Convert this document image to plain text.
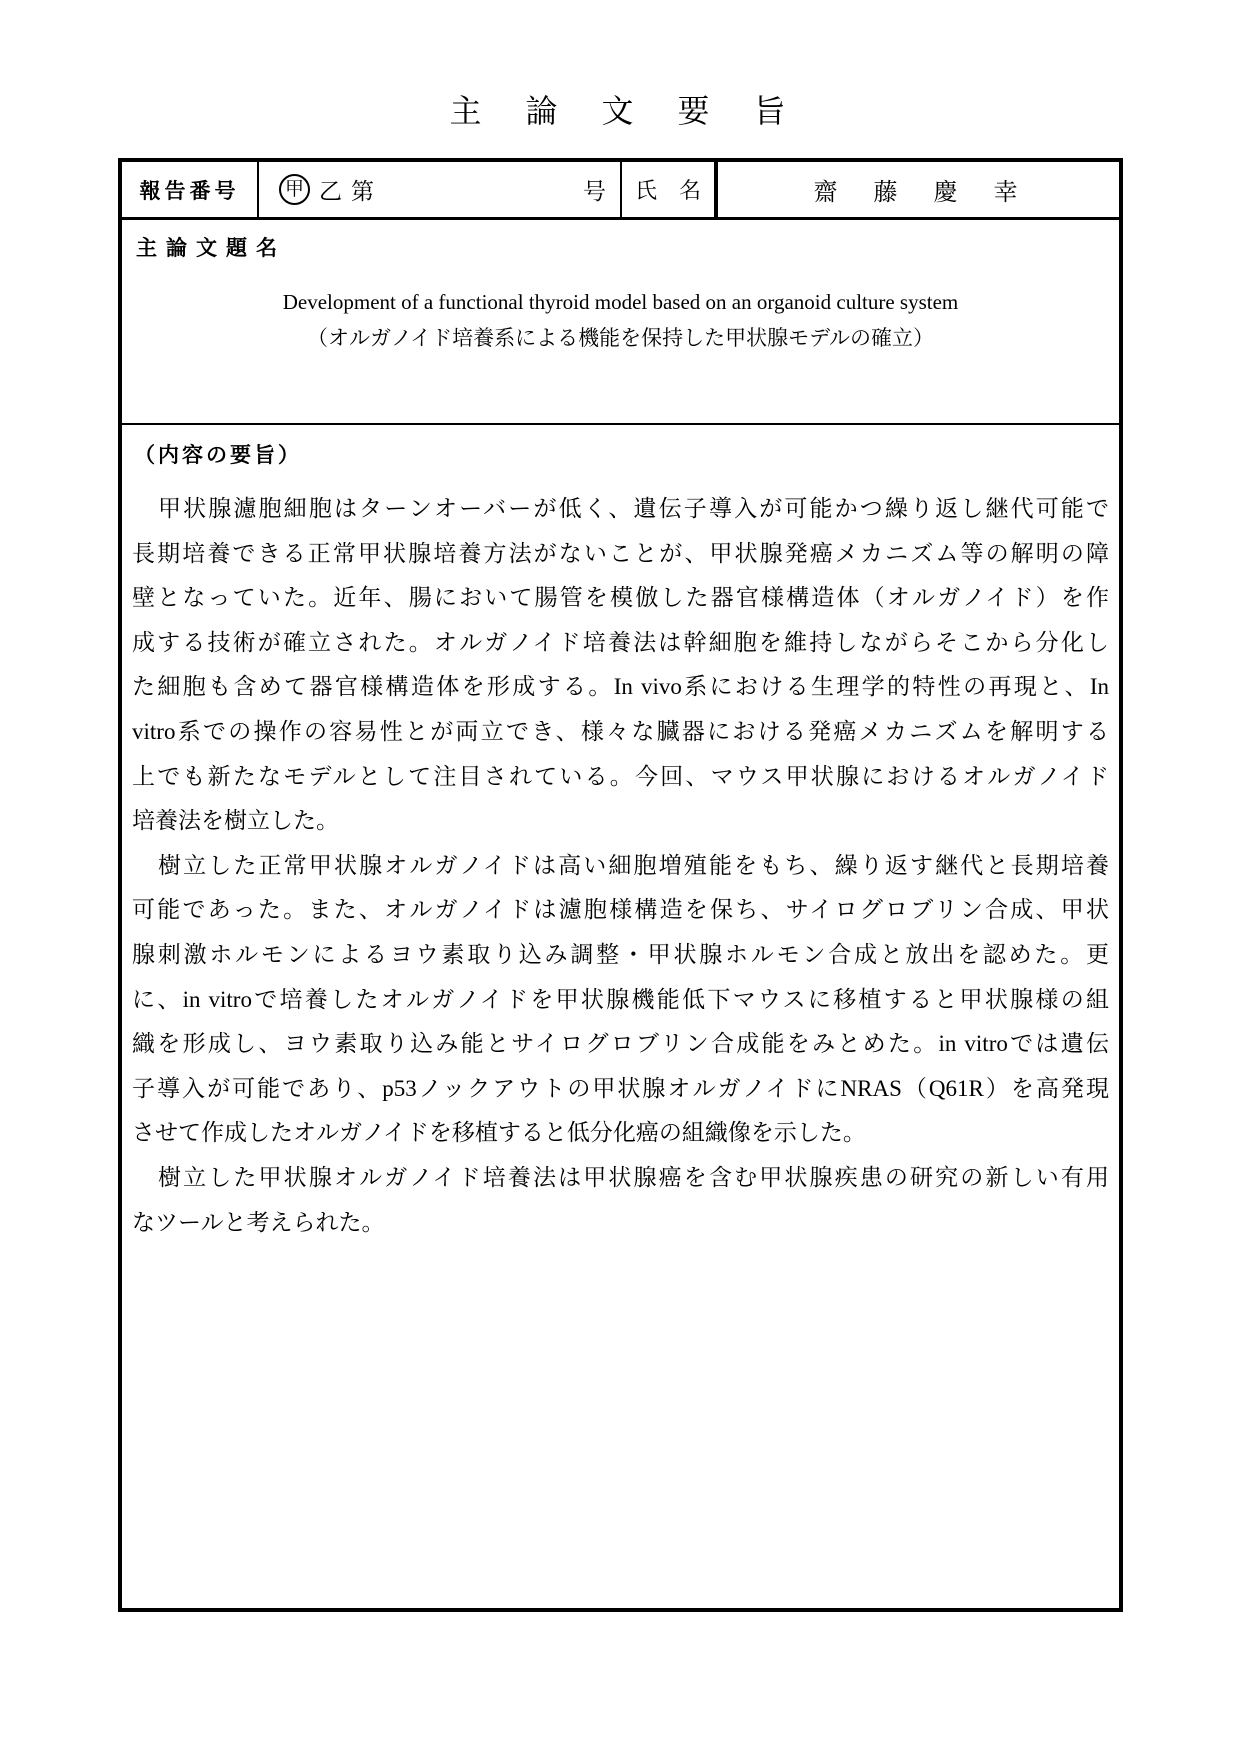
主　論　文　要　旨
報告番号	甲 乙 第	号	氏　名	齋　藤　慶　幸
主論文題名
Development of a functional thyroid model based on an organoid culture system
（オルガノイド培養系による機能を保持した甲状腺モデルの確立）
（内容の要旨）
甲状腺濾胞細胞はターンオーバーが低く、遺伝子導入が可能かつ繰り返し継代可能で
長期培養できる正常甲状腺培養方法がないことが、甲状腺発癌メカニズム等の解明の障
壁となっていた。近年、腸において腸管を模倣した器官様構造体（オルガノイド）を作
成する技術が確立された。オルガノイド培養法は幹細胞を維持しながらそこから分化し
た細胞も含めて器官様構造体を形成する。In vivo系における生理学的特性の再現と、In
vitro系での操作の容易性とが両立でき、様々な臓器における発癌メカニズムを解明する
上でも新たなモデルとして注目されている。今回、マウス甲状腺におけるオルガノイド
培養法を樹立した。
樹立した正常甲状腺オルガノイドは高い細胞増殖能をもち、繰り返す継代と長期培養
可能であった。また、オルガノイドは濾胞様構造を保ち、サイログロブリン合成、甲状
腺刺激ホルモンによるヨウ素取り込み調整・甲状腺ホルモン合成と放出を認めた。更
に、in vitroで培養したオルガノイドを甲状腺機能低下マウスに移植すると甲状腺様の組
織を形成し、ヨウ素取り込み能とサイログロブリン合成能をみとめた。in vitroでは遺伝
子導入が可能であり、p53ノックアウトの甲状腺オルガノイドにNRAS（Q61R）を高発現
させて作成したオルガノイドを移植すると低分化癌の組織像を示した。
樹立した甲状腺オルガノイド培養法は甲状腺癌を含む甲状腺疾患の研究の新しい有用
なツールと考えられた。
